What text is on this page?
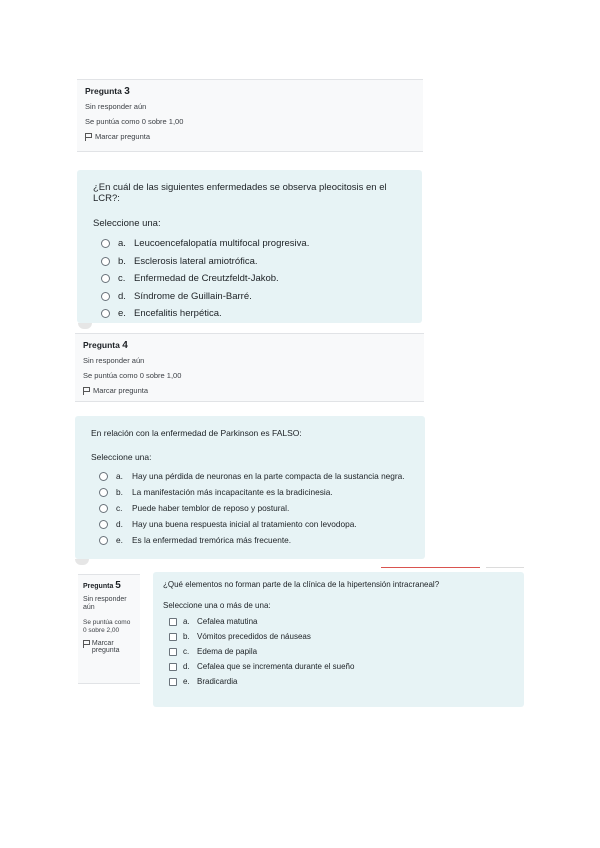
Pregunta 3
Sin responder aún
Se puntúa como 0 sobre 1,00
Marcar pregunta
¿En cuál de las siguientes enfermedades se observa pleocitosis en el LCR?:
Seleccione una:
a. Leucoencefalopatía multifocal progresiva.
b. Esclerosis lateral amiotrófica.
c. Enfermedad de Creutzfeldt-Jakob.
d. Síndrome de Guillain-Barré.
e. Encefalitis herpética.
Pregunta 4
Sin responder aún
Se puntúa como 0 sobre 1,00
Marcar pregunta
En relación con la enfermedad de Parkinson es FALSO:
Seleccione una:
a.	Hay una pérdida de neuronas en la parte compacta de la sustancia negra.
b.	La manifestación más incapacitante es la bradicinesia.
c.	Puede haber temblor de reposo y postural.
d.	Hay una buena respuesta inicial al tratamiento con levodopa.
e.	Es la enfermedad tremórica más frecuente.
Pregunta 5
Sin responder aún
Se puntúa como 0 sobre 2,00
Marcar pregunta
¿Qué elementos no forman parte de la clínica de la hipertensión intracraneal?
Seleccione una o más de una:
a. Cefalea matutina
b. Vómitos precedidos de náuseas
c. Edema de papila
d. Cefalea que se incrementa durante el sueño
e. Bradicardia
